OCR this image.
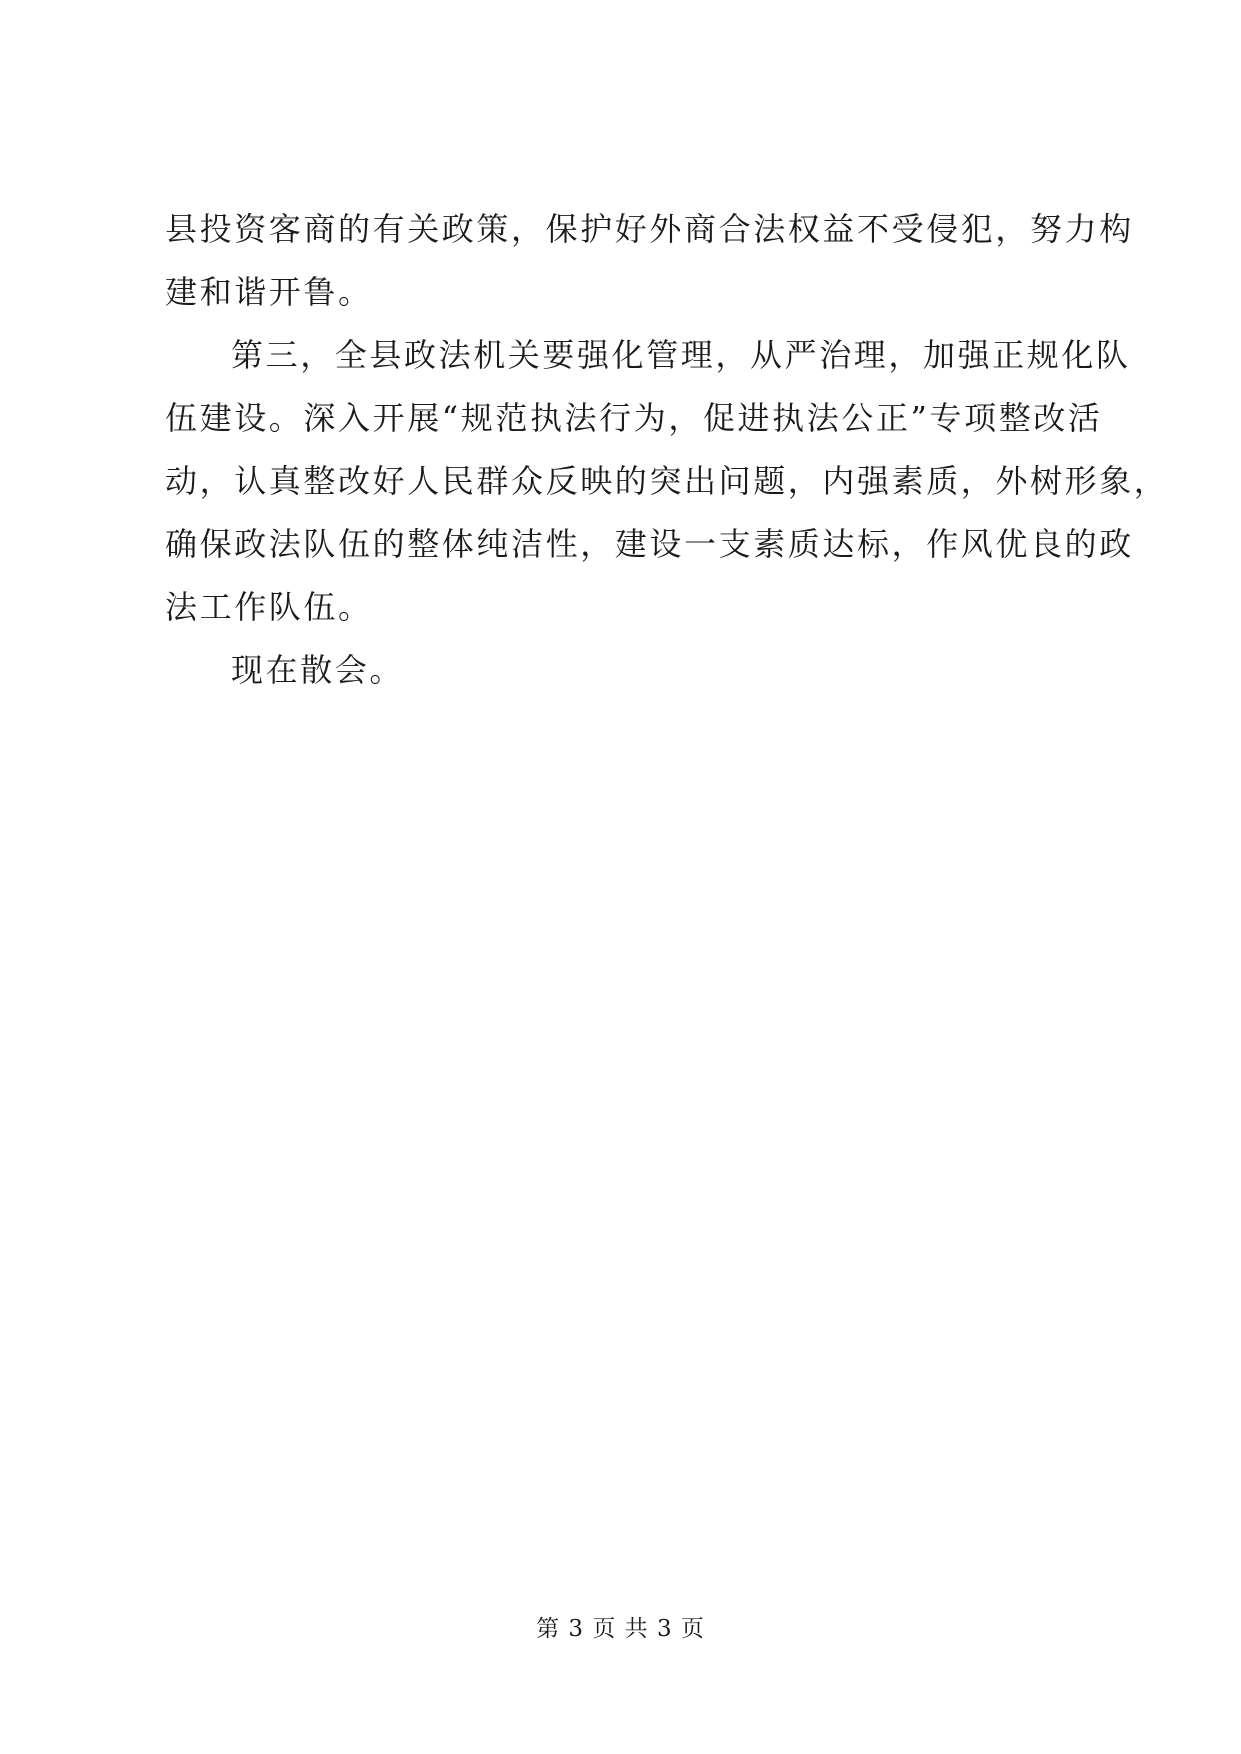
县投资客商的有关政策，保护好外商合法权益不受侵犯，努力构
建和谐开鲁。
第三，全县政法机关要强化管理，从严治理，加强正规化队
伍建设。深入开展“规范执法行为，促进执法公正”专项整改活
动，认真整改好人民群众反映的突出问题，内强素质，外树形象，
确保政法队伍的整体纯洁性，建设一支素质达标，作风优良的政
法工作队伍。
现在散会。
第 3 页 共 3 页
